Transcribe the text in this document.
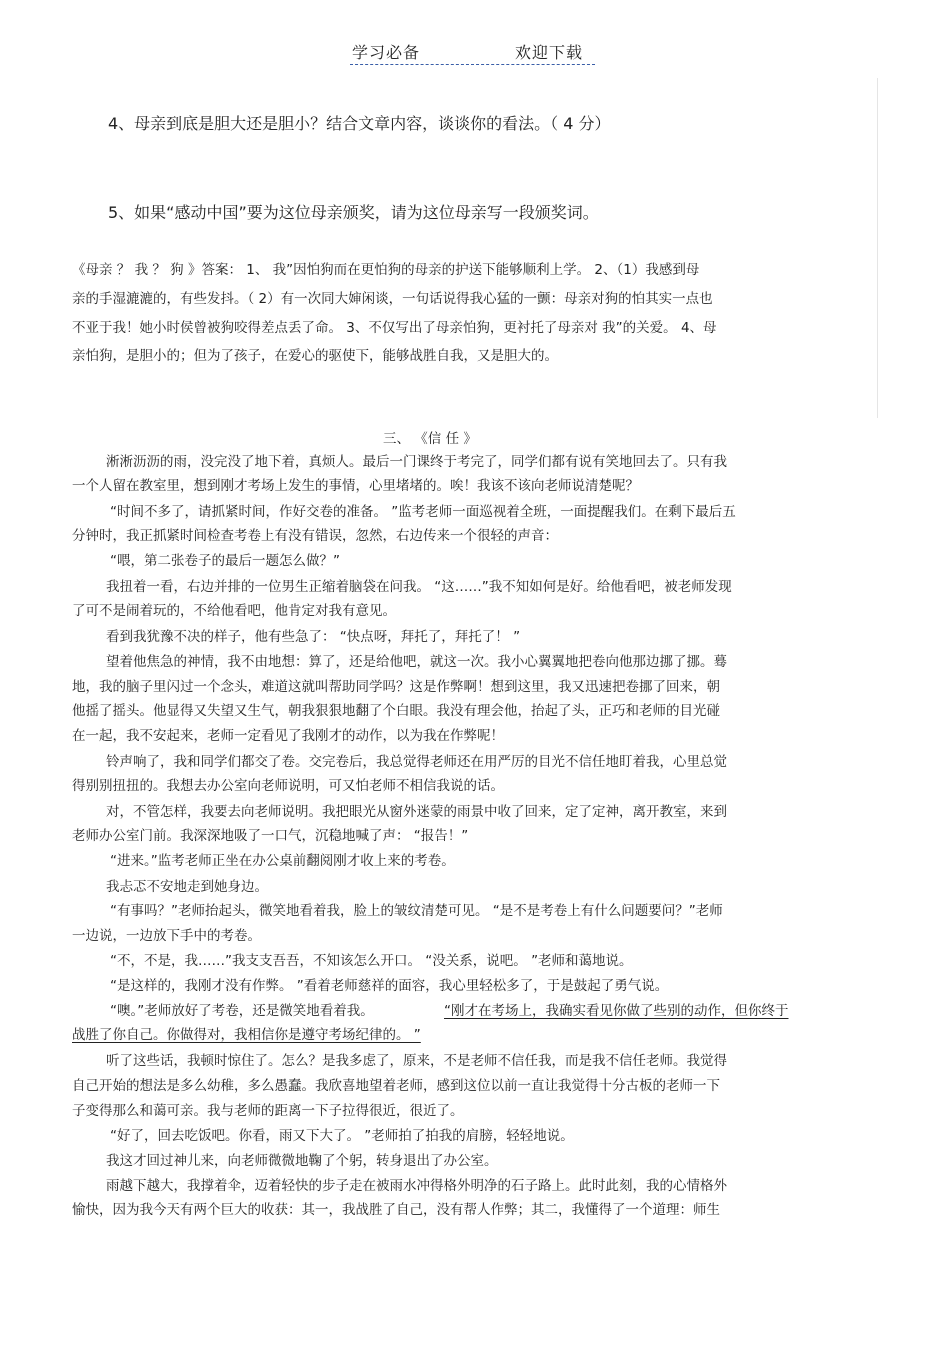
学习必备	欢迎下载
4、母亲到底是胆大还是胆小？结合文章内容，谈谈你的看法。（ 4 分）
5、如果“感动中国”要为这位母亲颁奖，请为这位母亲写一段颁奖词。
《母亲 ？ 我 ？ 狗 》答案： 1、 我”因怕狗而在更怕狗的母亲的护送下能够顺利上学。 2、（1）我感到母
亲的手湿漉漉的，有些发抖。（ 2）有一次同大婶闲谈，一句话说得我心猛的一颤：母亲对狗的怕其实一点也
不亚于我！她小时侯曾被狗咬得差点丢了命。 3、不仅写出了母亲怕狗，更衬托了母亲对 我”的关爱。 4、母
亲怕狗，是胆小的；但为了孩子，在爱心的驱使下，能够战胜自我，又是胆大的。
三、 《信 任 》
淅淅沥沥的雨，没完没了地下着，真烦人。最后一门课终于考完了，同学们都有说有笑地回去了。只有我
一个人留在教室里，想到刚才考场上发生的事情，心里堵堵的。唉！我该不该向老师说清楚呢？
“时间不多了，请抓紧时间，作好交卷的准备。 ”监考老师一面巡视着全班，一面提醒我们。在剩下最后五
分钟时，我正抓紧时间检查考卷上有没有错误，忽然，右边传来一个很轻的声音：
“喂，第二张卷子的最后一题怎么做？”
我扭着一看，右边并排的一位男生正缩着脑袋在问我。 “这……”我不知如何是好。给他看吧，被老师发现
了可不是闹着玩的，不给他看吧，他肯定对我有意见。
看到我犹豫不决的样子，他有些急了： “快点呀，拜托了，拜托了！ ”
望着他焦急的神情，我不由地想：算了，还是给他吧，就这一次。我小心翼翼地把卷向他那边挪了挪。蓦
地，我的脑子里闪过一个念头，难道这就叫帮助同学吗？这是作弊啊！想到这里，我又迅速把卷挪了回来，朝
他摇了摇头。他显得又失望又生气，朝我狠狠地翻了个白眼。我没有理会他，抬起了头，正巧和老师的目光碰
在一起，我不安起来，老师一定看见了我刚才的动作，以为我在作弊呢！
铃声响了，我和同学们都交了卷。交完卷后，我总觉得老师还在用严厉的目光不信任地盯着我，心里总觉
得别别扭扭的。我想去办公室向老师说明，可又怕老师不相信我说的话。
对，不管怎样，我要去向老师说明。我把眼光从窗外迷蒙的雨景中收了回来，定了定神，离开教室，来到
老师办公室门前。我深深地吸了一口气，沉稳地喊了声： “报告！”
“进来。”监考老师正坐在办公桌前翻阅刚才收上来的考卷。
我忐忑不安地走到她身边。
“有事吗？”老师抬起头，微笑地看着我，脸上的皱纹清楚可见。 “是不是考卷上有什么问题要问？”老师
一边说，一边放下手中的考卷。
“不，不是，我……”我支支吾吾，不知该怎么开口。 “没关系，说吧。 ”老师和蔼地说。
“是这样的，我刚才没有作弊。 ”看着老师慈祥的面容，我心里轻松多了，于是鼓起了勇气说。
“噢。”老师放好了考卷，还是微笑地看着我。	“刚才在考场上，我确实看见你做了些别的动作，但你终于
战胜了你自己。你做得对，我相信你是遵守考场纪律的。 ”
听了这些话，我顿时惊住了。怎么？是我多虑了，原来，不是老师不信任我，而是我不信任老师。我觉得
自己开始的想法是多么幼稚，多么愚蠢。我欣喜地望着老师，感到这位以前一直让我觉得十分古板的老师一下
子变得那么和蔼可亲。我与老师的距离一下子拉得很近，很近了。
“好了，回去吃饭吧。你看，雨又下大了。 ”老师拍了拍我的肩膀，轻轻地说。
我这才回过神儿来，向老师微微地鞠了个躬，转身退出了办公室。
雨越下越大，我撑着伞，迈着轻快的步子走在被雨水冲得格外明净的石子路上。此时此刻，我的心情格外
愉快，因为我今天有两个巨大的收获：其一，我战胜了自己，没有帮人作弊；其二，我懂得了一个道理：师生
